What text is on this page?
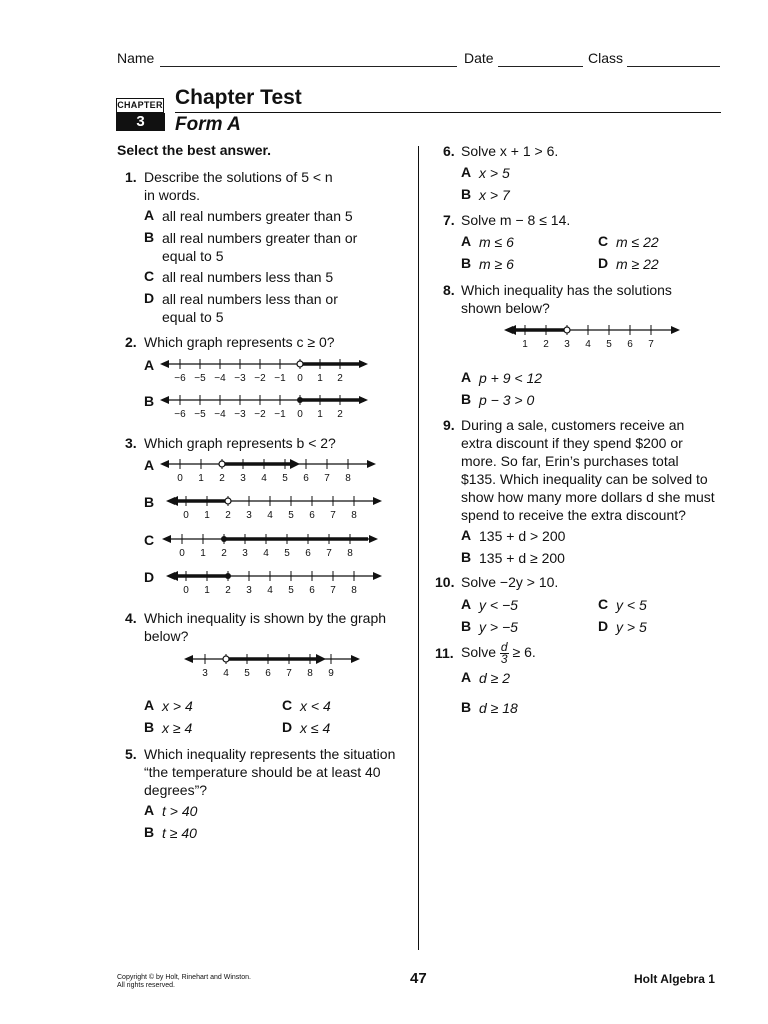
Name	Date	Class
CHAPTER
3
Chapter Test
Form A
Select the best answer.
1. Describe the solutions of 5 < n
in words.
A all real numbers greater than 5
B all real numbers greater than or
equal to 5
C all real numbers less than 5
D all real numbers less than or
equal to 5
2. Which graph represents c ≥ 0?
A
−6 −5 −4 −3 −2 −1 0 1 2
B
−6 −5 −4 −3 −2 −1 0 1 2
3. Which graph represents b < 2?
A
0 1 2 3 4 5 6 7 8
B
0 1 2 3 4 5 6 7 8
C
0 1 2 3 4 5 6 7 8
D
0 1 2 3 4 5 6 7 8
4. Which inequality is shown by the graph
below?
3 4 5 6 7 8 9
A x > 4	C x < 4
B x ≥ 4	D x ≤ 4
5. Which inequality represents the situation
“the temperature should be at least 40
degrees”?
A t > 40
B t ≥ 40
6. Solve x + 1 > 6.
A x > 5
B x > 7
7. Solve m − 8 ≤ 14.
A m ≤ 6	C m ≤ 22
B m ≥ 6	D m ≥ 22
8. Which inequality has the solutions
shown below?
1 2 3 4 5 6 7
A p + 9 < 12
B p − 3 > 0
9. During a sale, customers receive an
extra discount if they spend $200 or
more. So far, Erin’s purchases total
$135. Which inequality can be solved to
show how many more dollars d she must
spend to receive the extra discount?
A 135 + d > 200
B 135 + d ≥ 200
10. Solve −2y > 10.
A y < −5	C y < 5
B y > −5	D y > 5
11. Solve $\frac{d}{3} \ge 6$.
A d ≥ 2
B d ≥ 18
Copyright © by Holt, Rinehart and Winston.
All rights reserved.	47	Holt Algebra 1
